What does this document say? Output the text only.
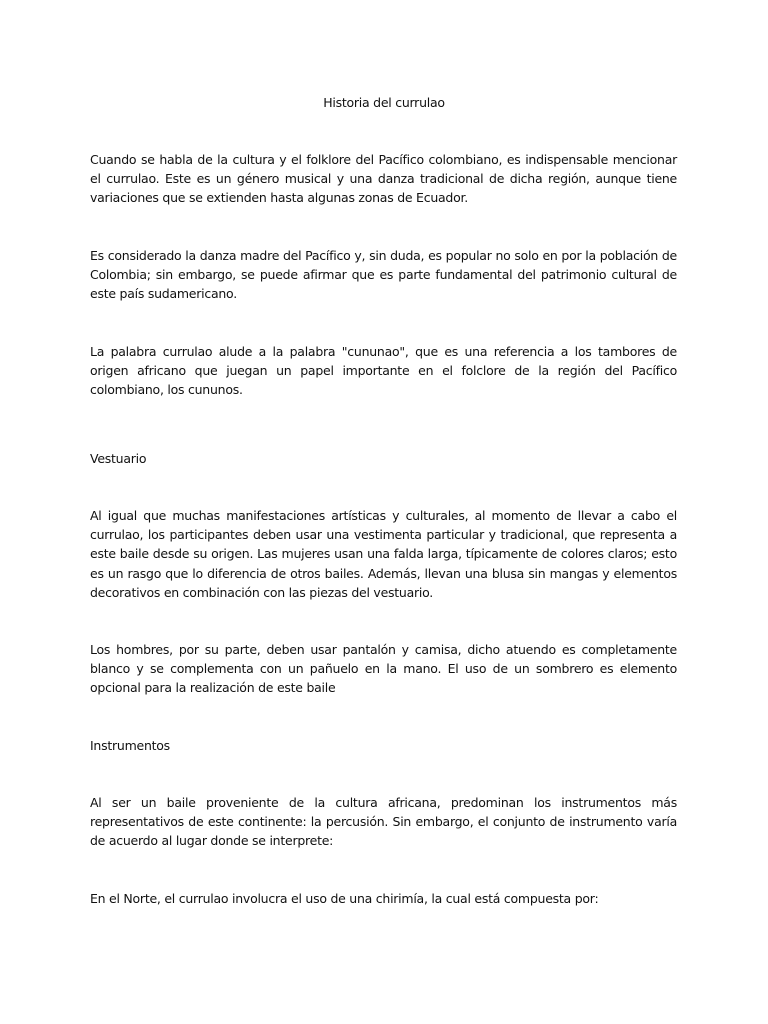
Historia del currulao

Cuando se habla de la cultura y el folklore del Pacífico colombiano, es indispensable mencionar el currulao. Este es un género musical y una danza tradicional de dicha región, aunque tiene variaciones que se extienden hasta algunas zonas de Ecuador.

Es considerado la danza madre del Pacífico y, sin duda, es popular no solo en por la población de Colombia; sin embargo, se puede afirmar que es parte fundamental del patrimonio cultural de este país sudamericano.

La palabra currulao alude a la palabra "cununao", que es una referencia a los tambores de origen africano que juegan un papel importante en el folclore de la región del Pacífico colombiano, los cununos.

Vestuario

Al igual que muchas manifestaciones artísticas y culturales, al momento de llevar a cabo el currulao, los participantes deben usar una vestimenta particular y tradicional, que representa a este baile desde su origen. Las mujeres usan una falda larga, típicamente de colores claros; esto es un rasgo que lo diferencia de otros bailes. Además, llevan una blusa sin mangas y elementos decorativos en combinación con las piezas del vestuario.

Los hombres, por su parte, deben usar pantalón y camisa, dicho atuendo es completamente blanco y se complementa con un pañuelo en la mano. El uso de un sombrero es elemento opcional para la realización de este baile

Instrumentos

Al ser un baile proveniente de la cultura africana, predominan los instrumentos más representativos de este continente: la percusión. Sin embargo, el conjunto de instrumento varía de acuerdo al lugar donde se interprete:

En el Norte, el currulao involucra el uso de una chirimía, la cual está compuesta por:
